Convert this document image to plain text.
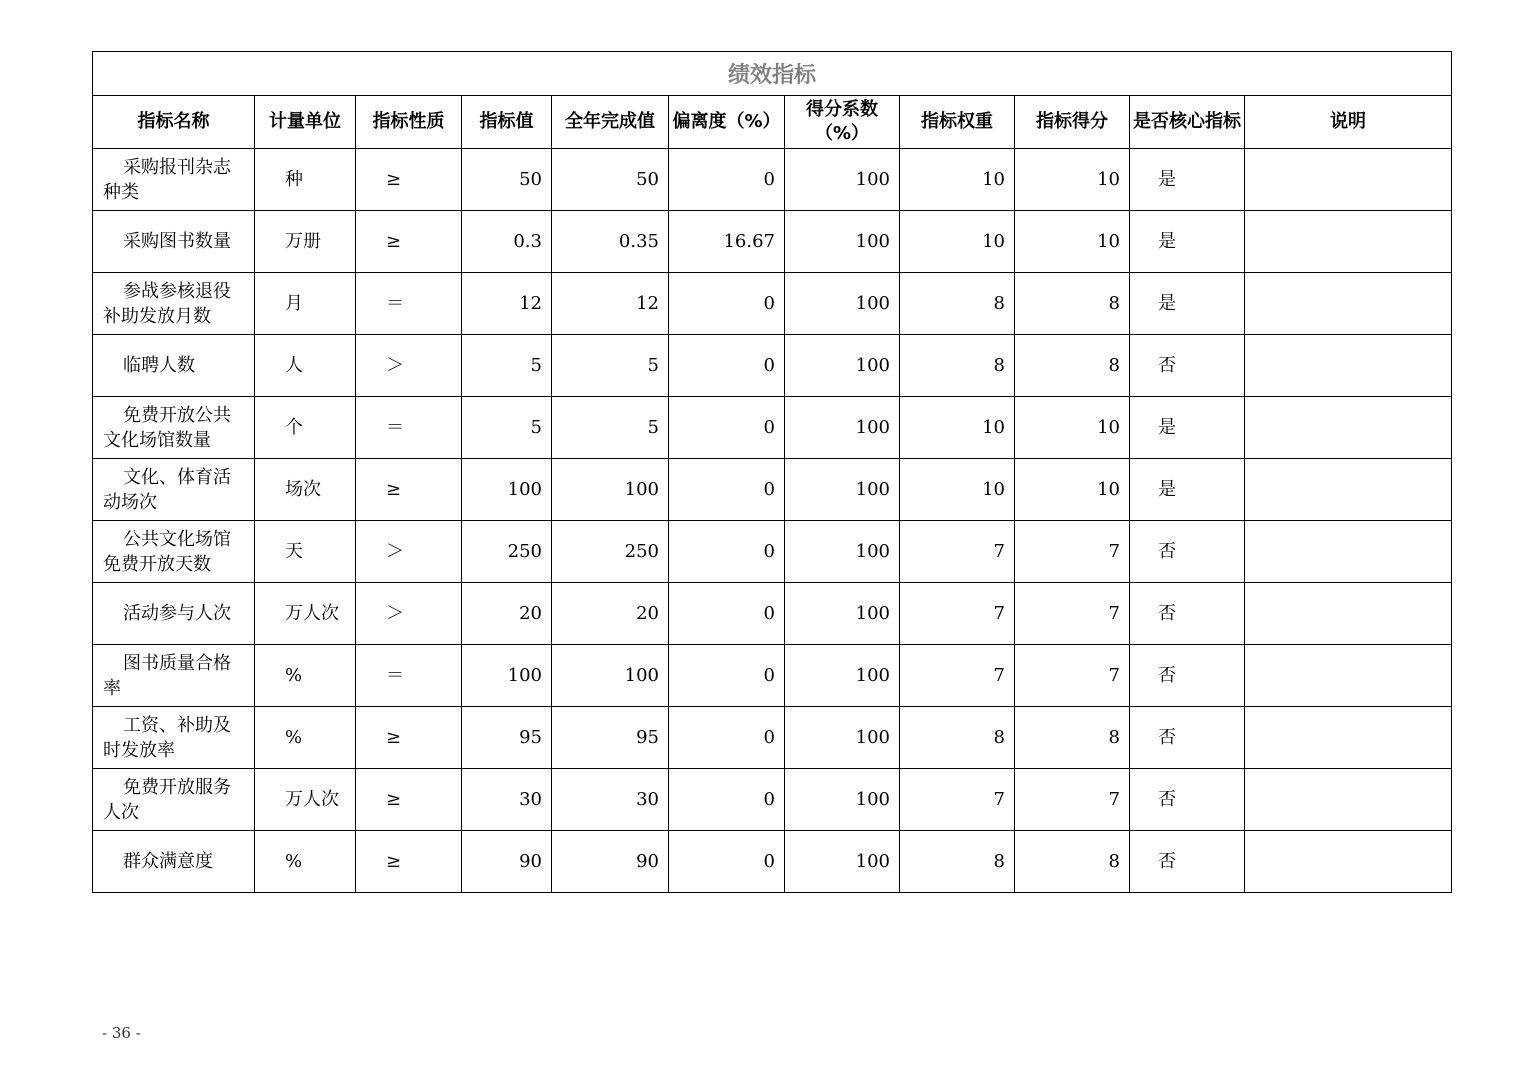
绩效指标										
指标名称	计量单位	指标性质	指标值	全年完成值	偏离度（%）	得分系数（%）	指标权重	指标得分	是否核心指标	说明
采购报刊杂志种类	种	≥	50	50	0	100	10	10	是	
采购图书数量	万册	≥	0.3	0.35	16.67	100	10	10	是	
参战参核退役补助发放月数	月	＝	12	12	0	100	8	8	是	
临聘人数	人	＞	5	5	0	100	8	8	否	
免费开放公共文化场馆数量	个	＝	5	5	0	100	10	10	是	
文化、体育活动场次	场次	≥	100	100	0	100	10	10	是	
公共文化场馆免费开放天数	天	＞	250	250	0	100	7	7	否	
活动参与人次	万人次	＞	20	20	0	100	7	7	否	
图书质量合格率	%	＝	100	100	0	100	7	7	否	
工资、补助及时发放率	%	≥	95	95	0	100	8	8	否	
免费开放服务人次	万人次	≥	30	30	0	100	7	7	否	
群众满意度	%	≥	90	90	0	100	8	8	否	
- 36 -
